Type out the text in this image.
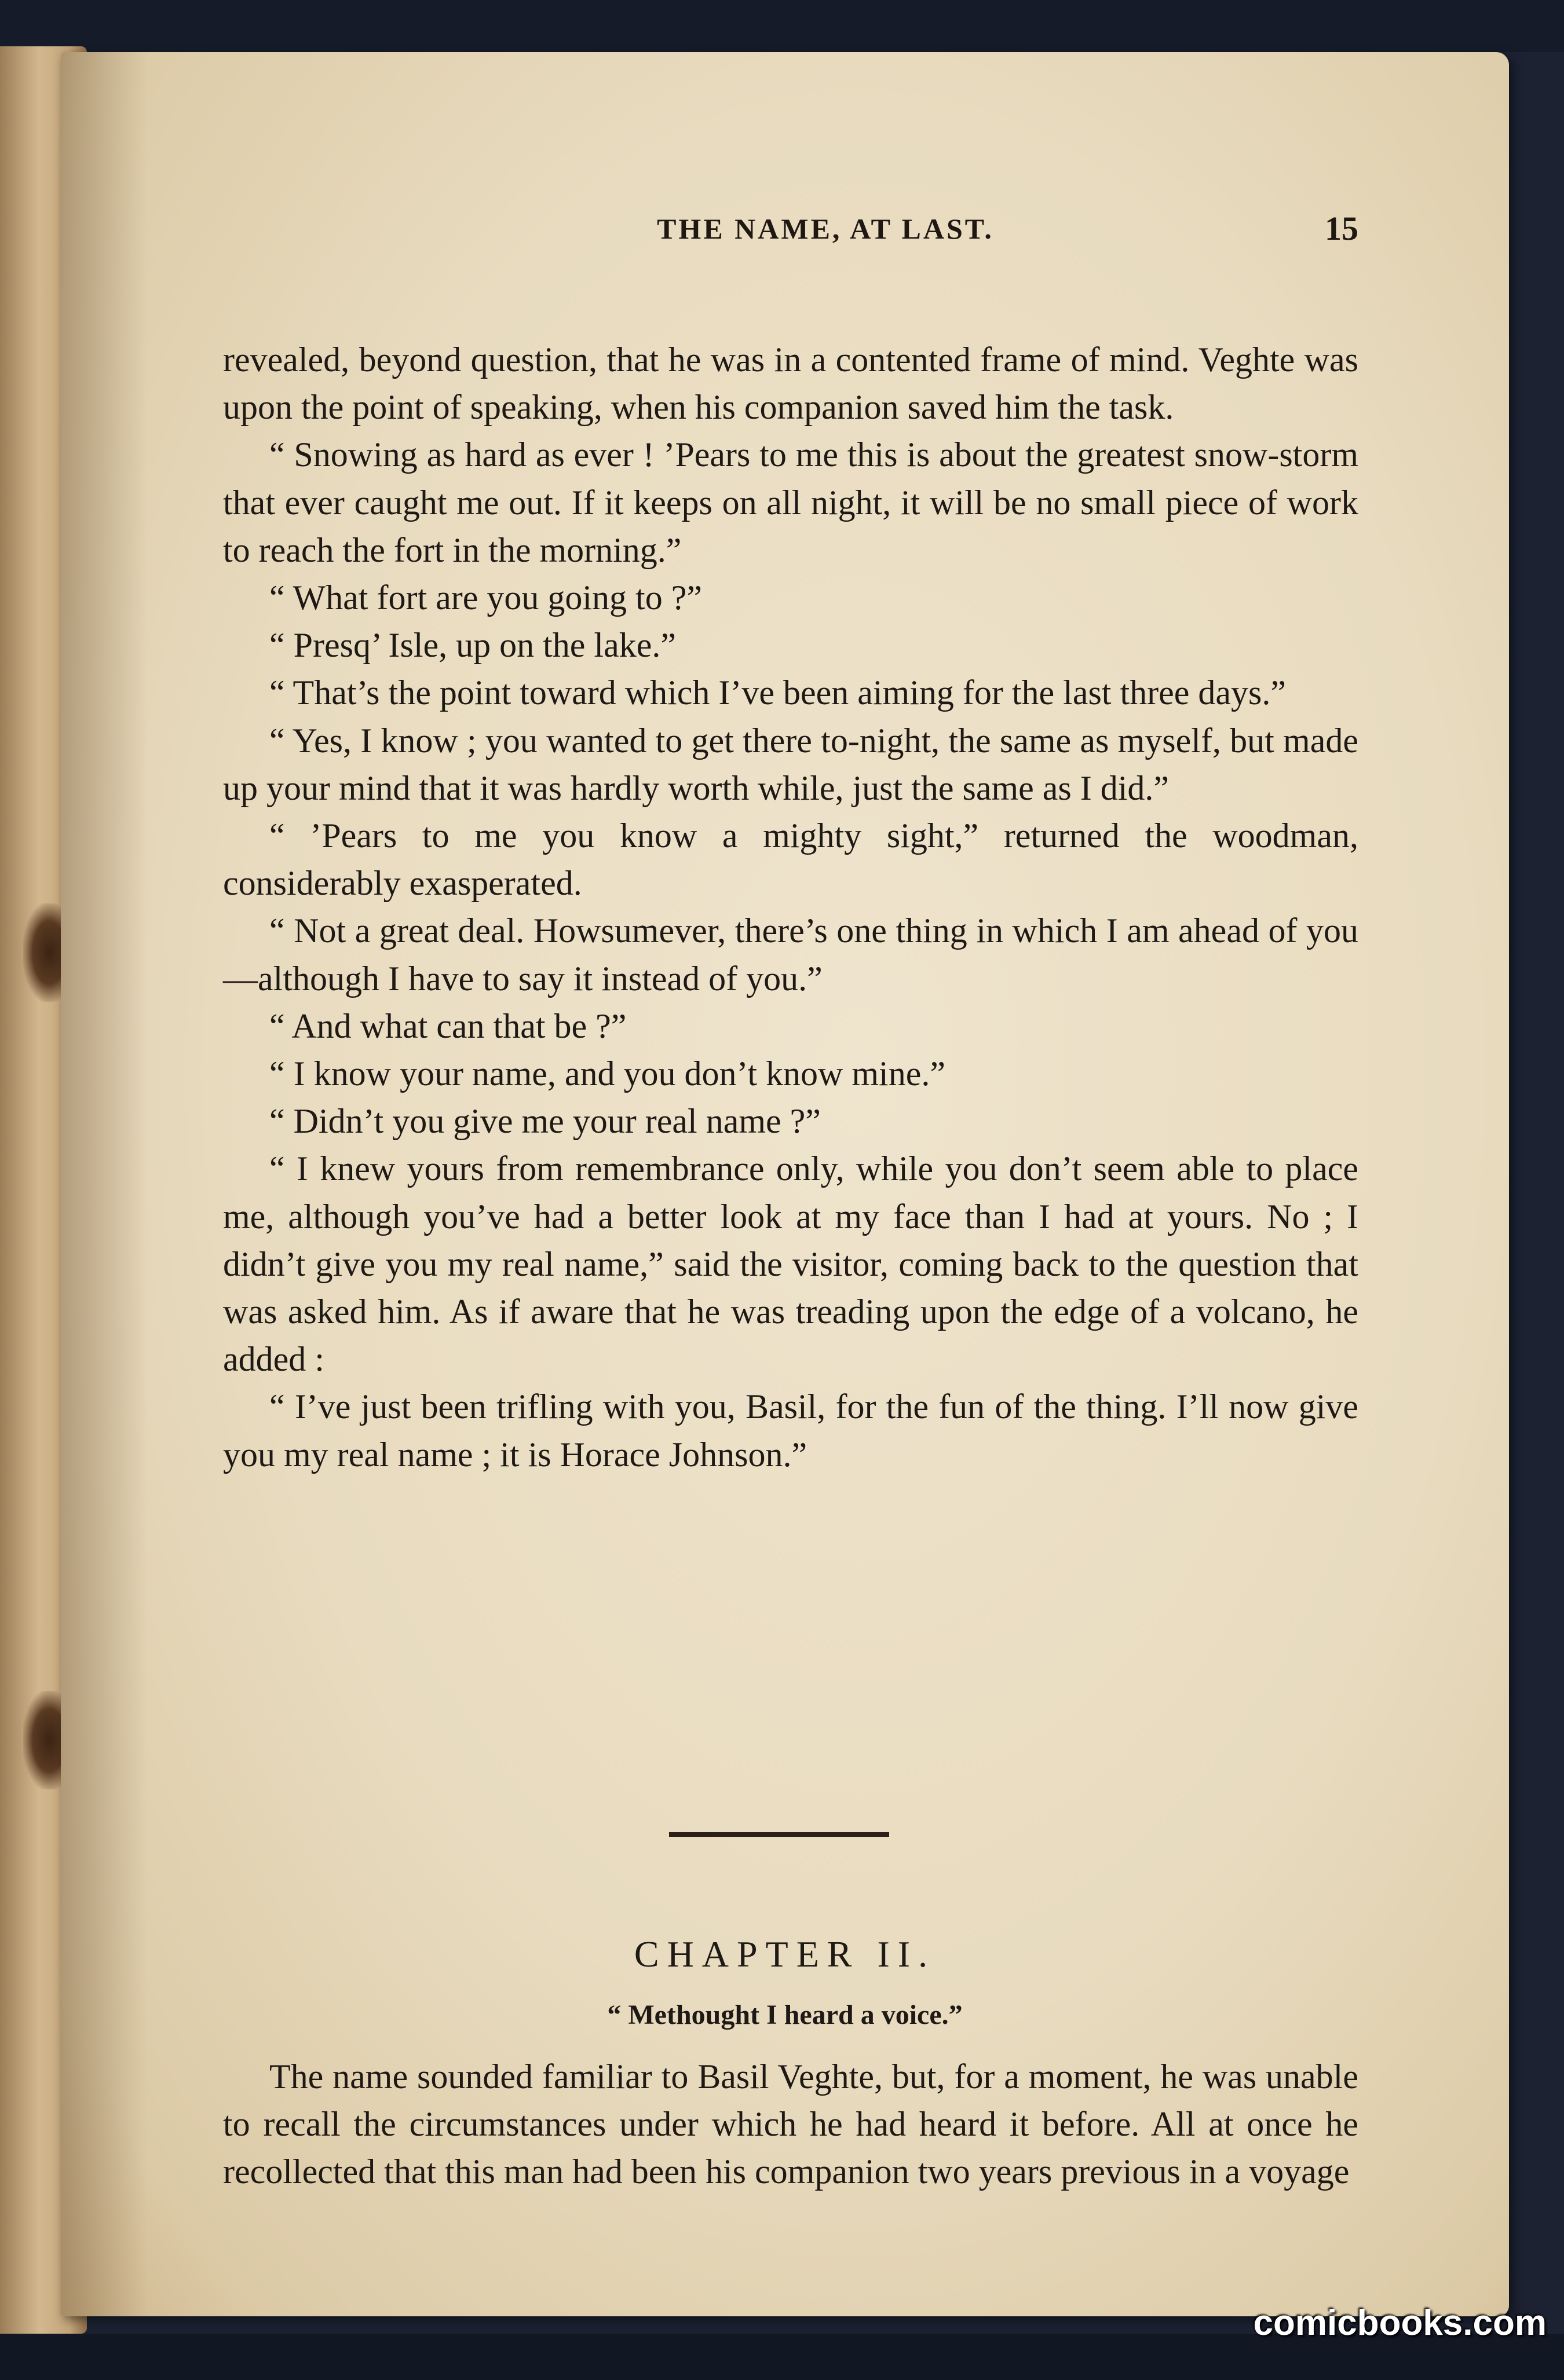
THE NAME, AT LAST.	15

revealed, beyond question, that he was in a contented frame of mind. Veghte was upon the point of speaking, when his companion saved him the task.

“ Snowing as hard as ever ! ’Pears to me this is about the greatest snow-storm that ever caught me out. If it keeps on all night, it will be no small piece of work to reach the fort in the morning.”

“ What fort are you going to ?”

“ Presq’ Isle, up on the lake.”

“ That’s the point toward which I’ve been aiming for the last three days.”

“ Yes, I know ; you wanted to get there to-night, the same as myself, but made up your mind that it was hardly worth while, just the same as I did.”

“ ’Pears to me you know a mighty sight,” returned the woodman, considerably exasperated.

“ Not a great deal. Howsumever, there’s one thing in which I am ahead of you—although I have to say it instead of you.”

“ And what can that be ?”

“ I know your name, and you don’t know mine.”

“ Didn’t you give me your real name ?”

“ I knew yours from remembrance only, while you don’t seem able to place me, although you’ve had a better look at my face than I had at yours. No ; I didn’t give you my real name,” said the visitor, coming back to the question that was asked him. As if aware that he was treading upon the edge of a volcano, he added :

“ I’ve just been trifling with you, Basil, for the fun of the thing. I’ll now give you my real name ; it is Horace Johnson.”

CHAPTER II.
“ Methought I heard a voice.”

The name sounded familiar to Basil Veghte, but, for a moment, he was unable to recall the circumstances under which he had heard it before. All at once he recollected that this man had been his companion two years previous in a voyage

comicbooks.com
